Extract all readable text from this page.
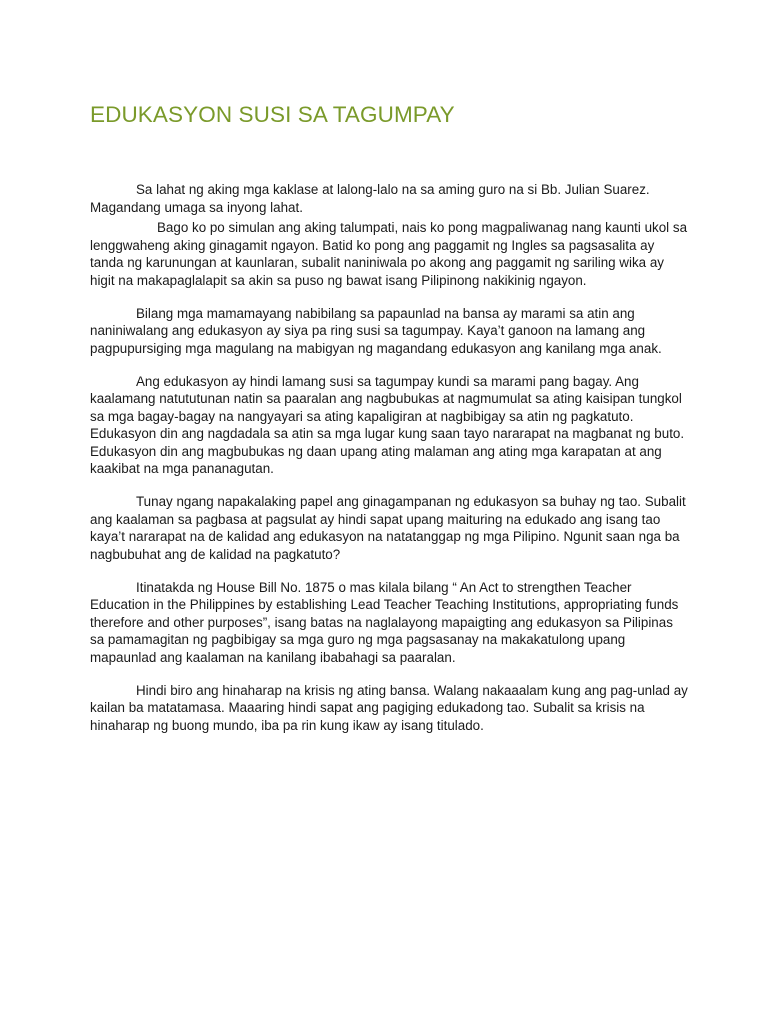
EDUKASYON SUSI SA TAGUMPAY

Sa lahat ng aking mga kaklase at lalong-lalo na sa aming guro na si Bb. Julian Suarez. Magandang umaga sa inyong lahat.

Bago ko po simulan ang aking talumpati, nais ko pong magpaliwanag nang kaunti ukol sa lenggwaheng aking ginagamit ngayon. Batid ko pong ang paggamit ng Ingles sa pagsasalita ay tanda ng karunungan at kaunlaran, subalit naniniwala po akong ang paggamit ng sariling wika ay higit na makapaglalapit sa akin sa puso ng bawat isang Pilipinong nakikinig ngayon.

Bilang mga mamamayang nabibilang sa papaunlad na bansa ay marami sa atin ang naniniwalang ang edukasyon ay siya pa ring susi sa tagumpay. Kaya’t ganoon na lamang ang pagpupursiging mga magulang na mabigyan ng magandang edukasyon ang kanilang mga anak.

Ang edukasyon ay hindi lamang susi sa tagumpay kundi sa marami pang bagay. Ang kaalamang natututunan natin sa paaralan ang nagbubukas at nagmumulat sa ating kaisipan tungkol sa mga bagay-bagay na nangyayari sa ating kapaligiran at nagbibigay sa atin ng pagkatuto. Edukasyon din ang nagdadala sa atin sa mga lugar kung saan tayo nararapat na magbanat ng buto. Edukasyon din ang magbubukas ng daan upang ating malaman ang ating mga karapatan at ang kaakibat na mga pananagutan.

Tunay ngang napakalaking papel ang ginagampanan ng edukasyon sa buhay ng tao. Subalit ang kaalaman sa pagbasa at pagsulat ay hindi sapat upang maituring na edukado ang isang tao kaya’t nararapat na de kalidad ang edukasyon na natatanggap ng mga Pilipino. Ngunit saan nga ba nagbubuhat ang de kalidad na pagkatuto?

Itinatakda ng House Bill No. 1875 o mas kilala bilang “ An Act to strengthen Teacher Education in the Philippines by establishing Lead Teacher Teaching Institutions, appropriating funds therefore and other purposes”, isang batas na naglalayong mapaigting ang edukasyon sa Pilipinas sa pamamagitan ng pagbibigay sa mga guro ng mga pagsasanay na makakatulong upang mapaunlad ang kaalaman na kanilang ibabahagi sa paaralan.

Hindi biro ang hinaharap na krisis ng ating bansa. Walang nakaaalam kung ang pag-unlad ay kailan ba matatamasa. Maaaring hindi sapat ang pagiging edukadong tao. Subalit sa krisis na hinaharap ng buong mundo, iba pa rin kung ikaw ay isang titulado.
